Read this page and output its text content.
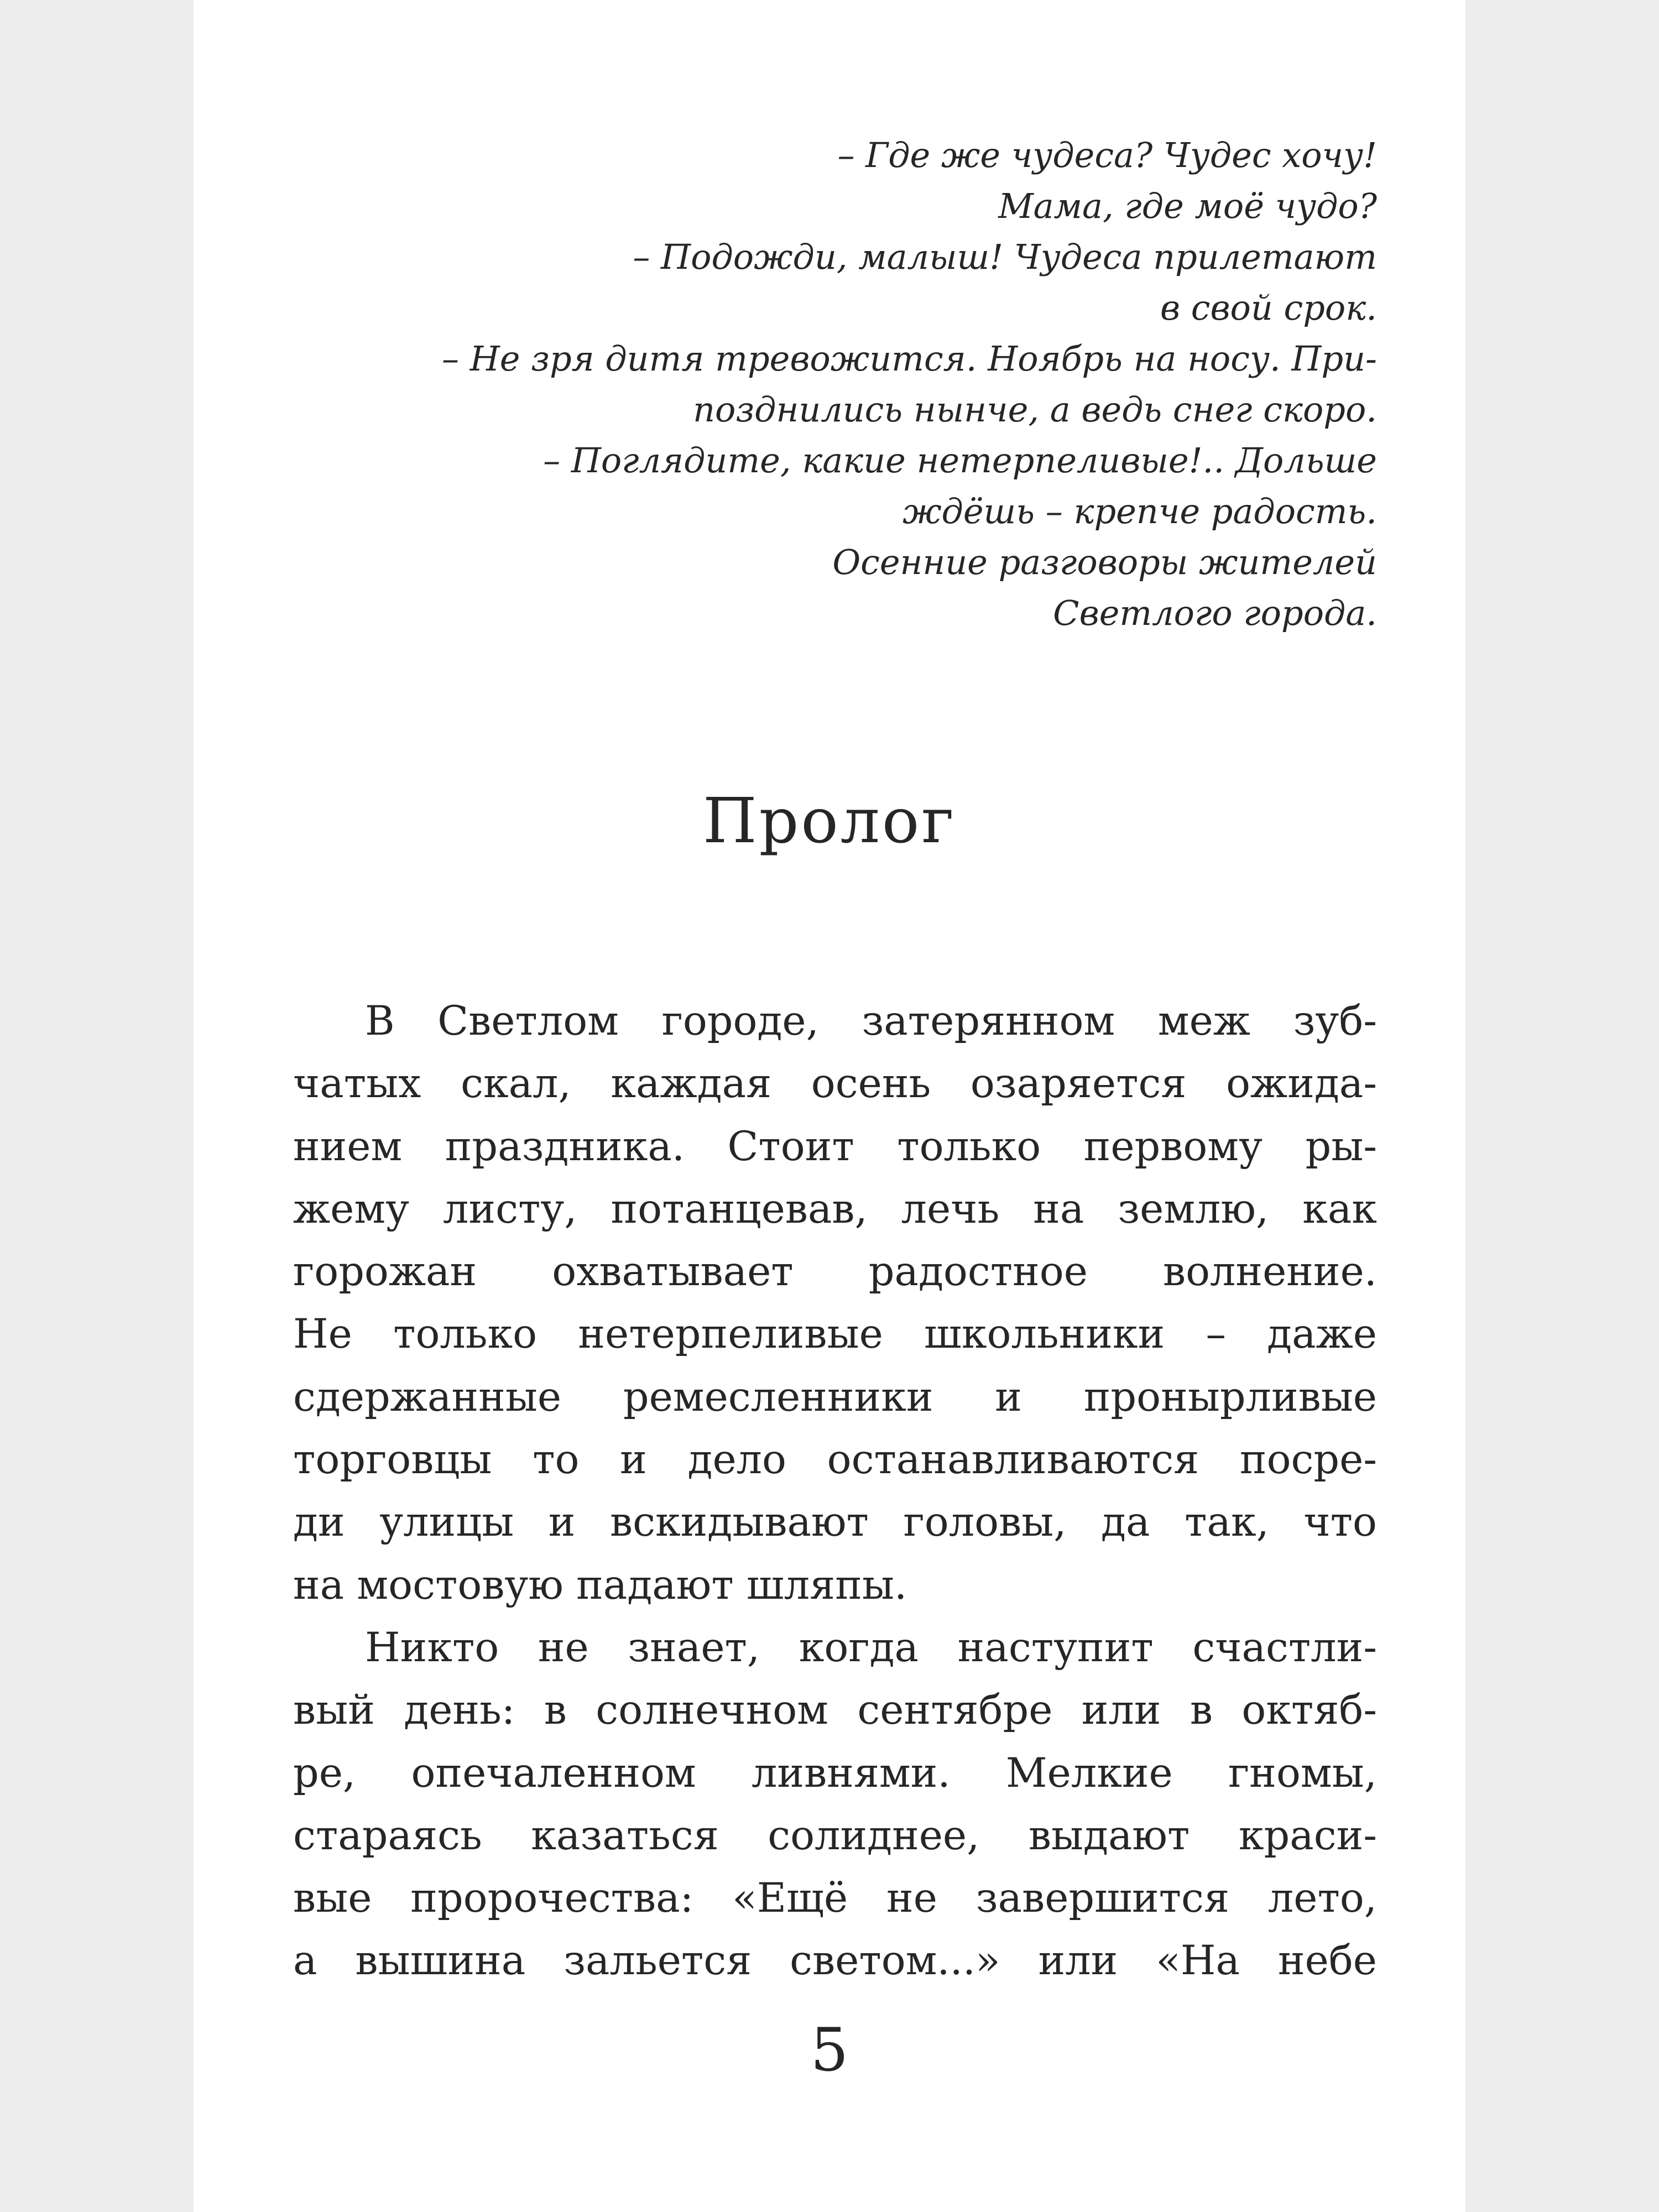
– Где же чудеса? Чудес хочу!
Мама, где моё чудо?
– Подожди, малыш! Чудеса прилетают
в свой срок.
– Не зря дитя тревожится. Ноябрь на носу. При-
позднились нынче, а ведь снег скоро.
– Поглядите, какие нетерпеливые!.. Дольше
ждёшь – крепче радость.
Осенние разговоры жителей
Светлого города.
Пролог
В Светлом городе, затерянном меж зуб-
чатых скал, каждая осень озаряется ожида-
нием праздника. Стоит только первому ры-
жему листу, потанцевав, лечь на землю, как
горожан охватывает радостное волнение.
Не только нетерпеливые школьники – даже
сдержанные ремесленники и пронырливые
торговцы то и дело останавливаются посре-
ди улицы и вскидывают головы, да так, что
на мостовую падают шляпы.
Никто не знает, когда наступит счастли-
вый день: в солнечном сентябре или в октяб-
ре, опечаленном ливнями. Мелкие гномы,
стараясь казаться солиднее, выдают краси-
вые пророчества: «Ещё не завершится лето,
а вышина зальется светом...» или «На небе
5
